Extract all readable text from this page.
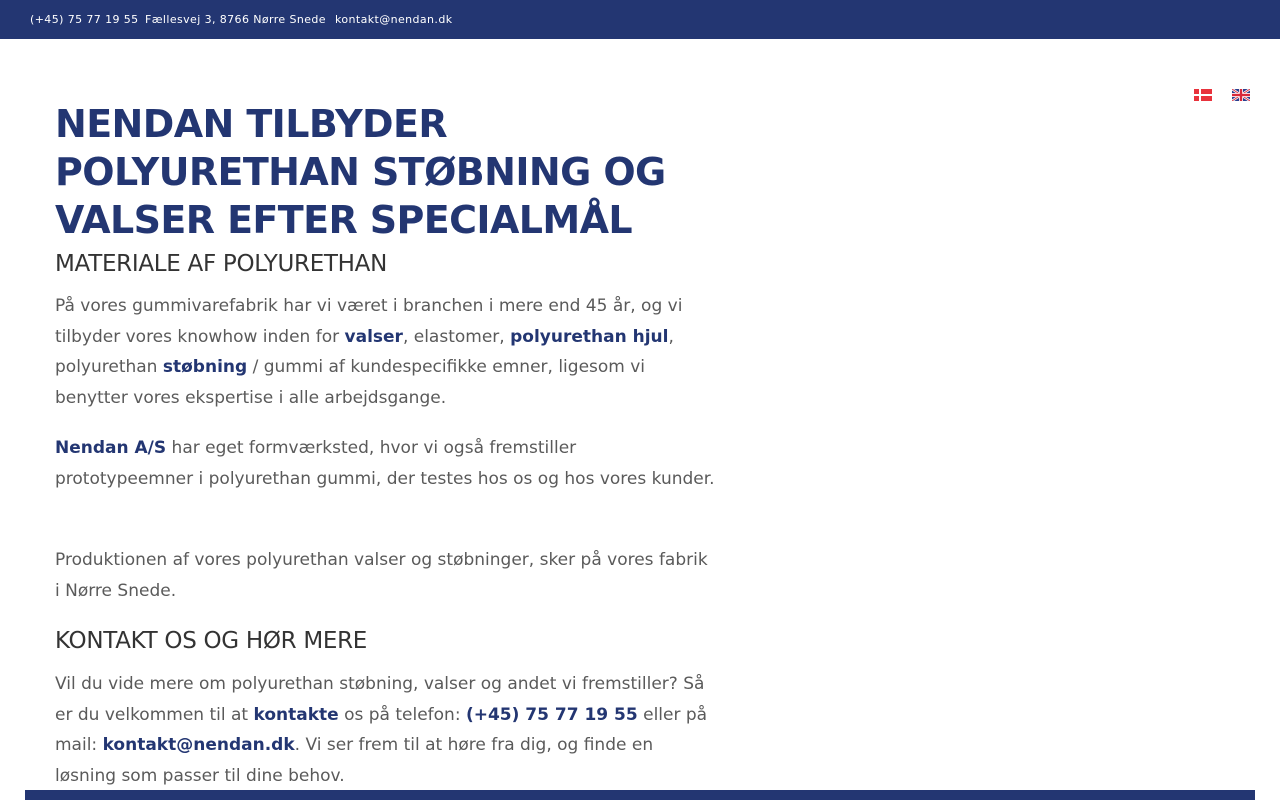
(+45) 75 77 19 55 Fællesvej 3, 8766 Nørre Snede kontakt@nendan.dk
NENDAN TILBYDER POLYURETHAN STØBNING OG VALSER EFTER SPECIALMÅL
MATERIALE AF POLYURETHAN

På vores gummivarefabrik har vi været i branchen i mere end 45 år, og vi tilbyder vores knowhow inden for valser, elastomer, polyurethan hjul, polyurethan støbning / gummi af kundespecifikke emner, ligesom vi benytter vores ekspertise i alle arbejdsgange.

Nendan A/S har eget formværksted, hvor vi også fremstiller prototypeemner i polyurethan gummi, der testes hos os og hos vores kunder.

Produktionen af vores polyurethan valser og støbninger, sker på vores fabrik i Nørre Snede.

KONTAKT OS OG HØR MERE

Vil du vide mere om polyurethan støbning, valser og andet vi fremstiller? Så er du velkommen til at kontakte os på telefon: (+45) 75 77 19 55 eller på mail: kontakt@nendan.dk. Vi ser frem til at høre fra dig, og finde en løsning som passer til dine behov.
